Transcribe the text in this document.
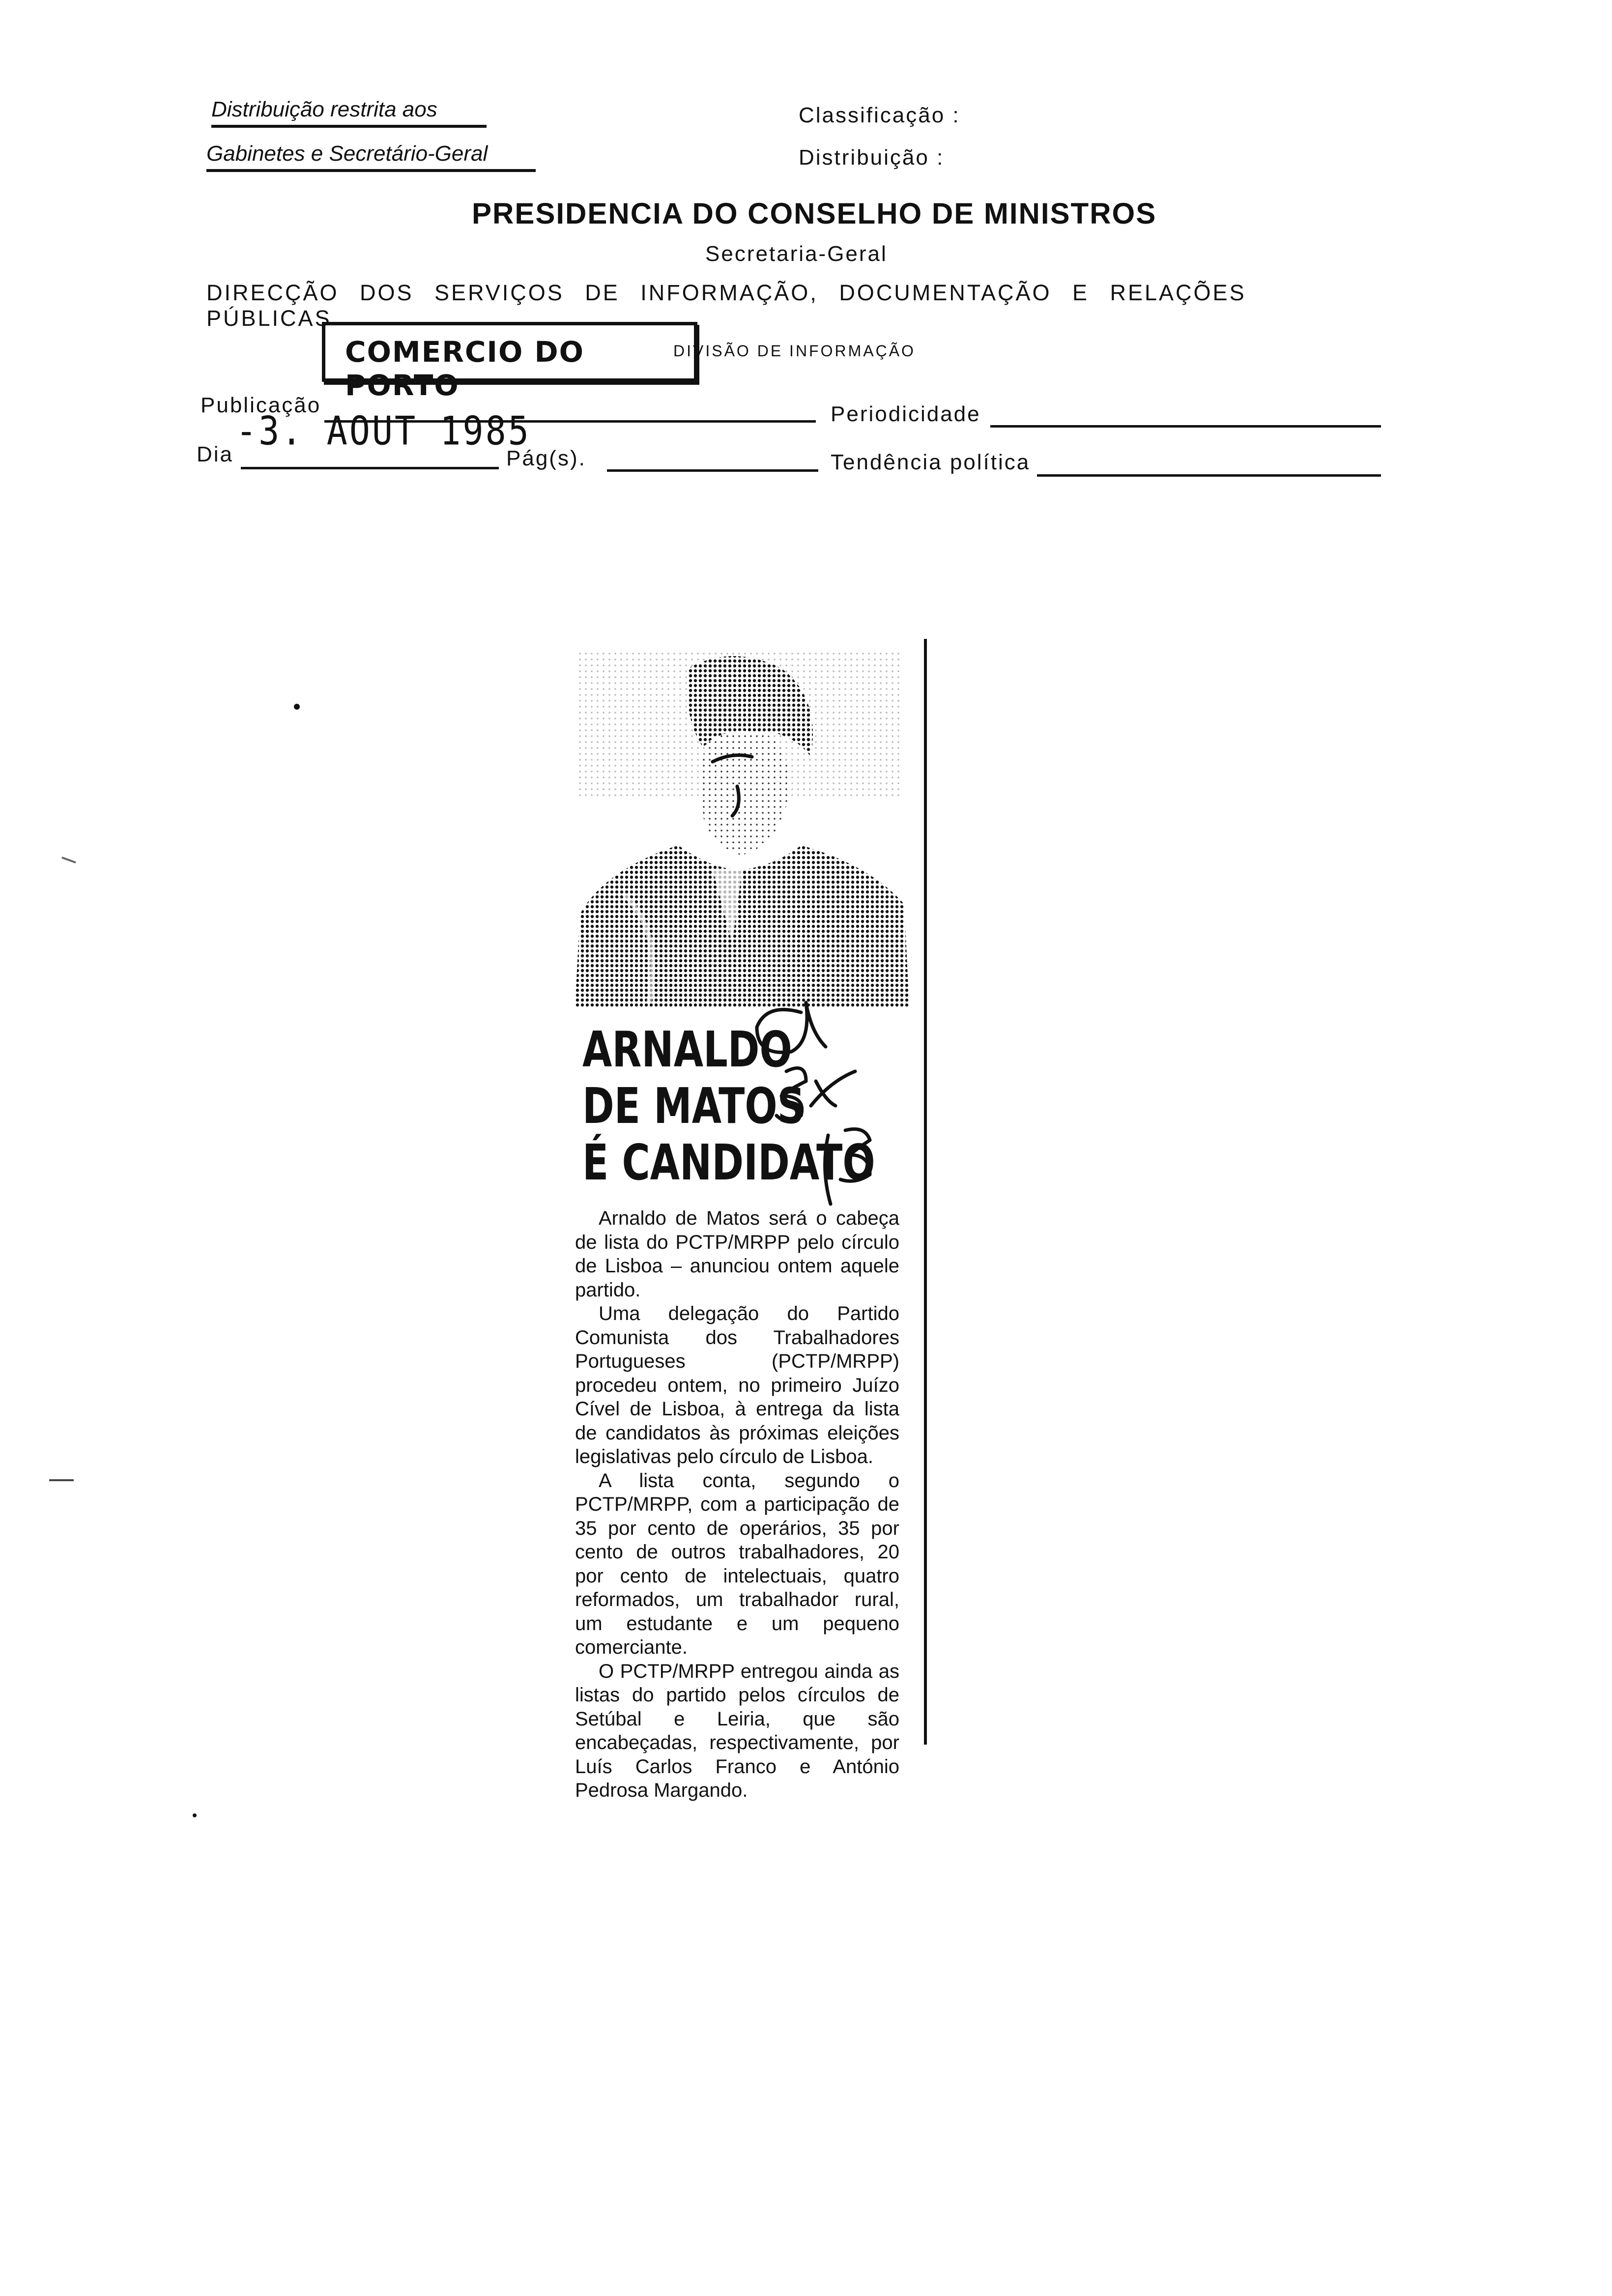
Distribuição restrita aos
Gabinetes e Secretário-Geral
Classificação :
Distribuição :
PRESIDENCIA DO CONSELHO DE MINISTROS
Secretaria-Geral
DIRECÇÃO DOS SERVIÇOS DE INFORMAÇÃO, DOCUMENTAÇÃO E RELAÇÕES PÚBLICAS
COMERCIO DO PORTO
DIVISÃO DE INFORMAÇÃO
Publicação
-3. AOUT 1985
Dia	Pág(s).
Periodicidade
Tendência política
ARNALDO
DE MATOS
É CANDIDATO

Arnaldo de Matos será o cabeça de lista do PCTP/MRPP pelo círculo de Lisboa – anunciou ontem aquele partido.

Uma delegação do Partido Comunista dos Trabalhadores Portugueses (PCTP/MRPP) procedeu ontem, no primeiro Juízo Cível de Lisboa, à entrega da lista de candidatos às próximas eleições legislativas pelo círculo de Lisboa.

A lista conta, segundo o PCTP/MRPP, com a participação de 35 por cento de operários, 35 por cento de outros trabalhadores, 20 por cento de intelectuais, quatro reformados, um trabalhador rural, um estudante e um pequeno comerciante.

O PCTP/MRPP entregou ainda as listas do partido pelos círculos de Setúbal e Leiria, que são encabeçadas, respectivamente, por Luís Carlos Franco e António Pedrosa Margando.
